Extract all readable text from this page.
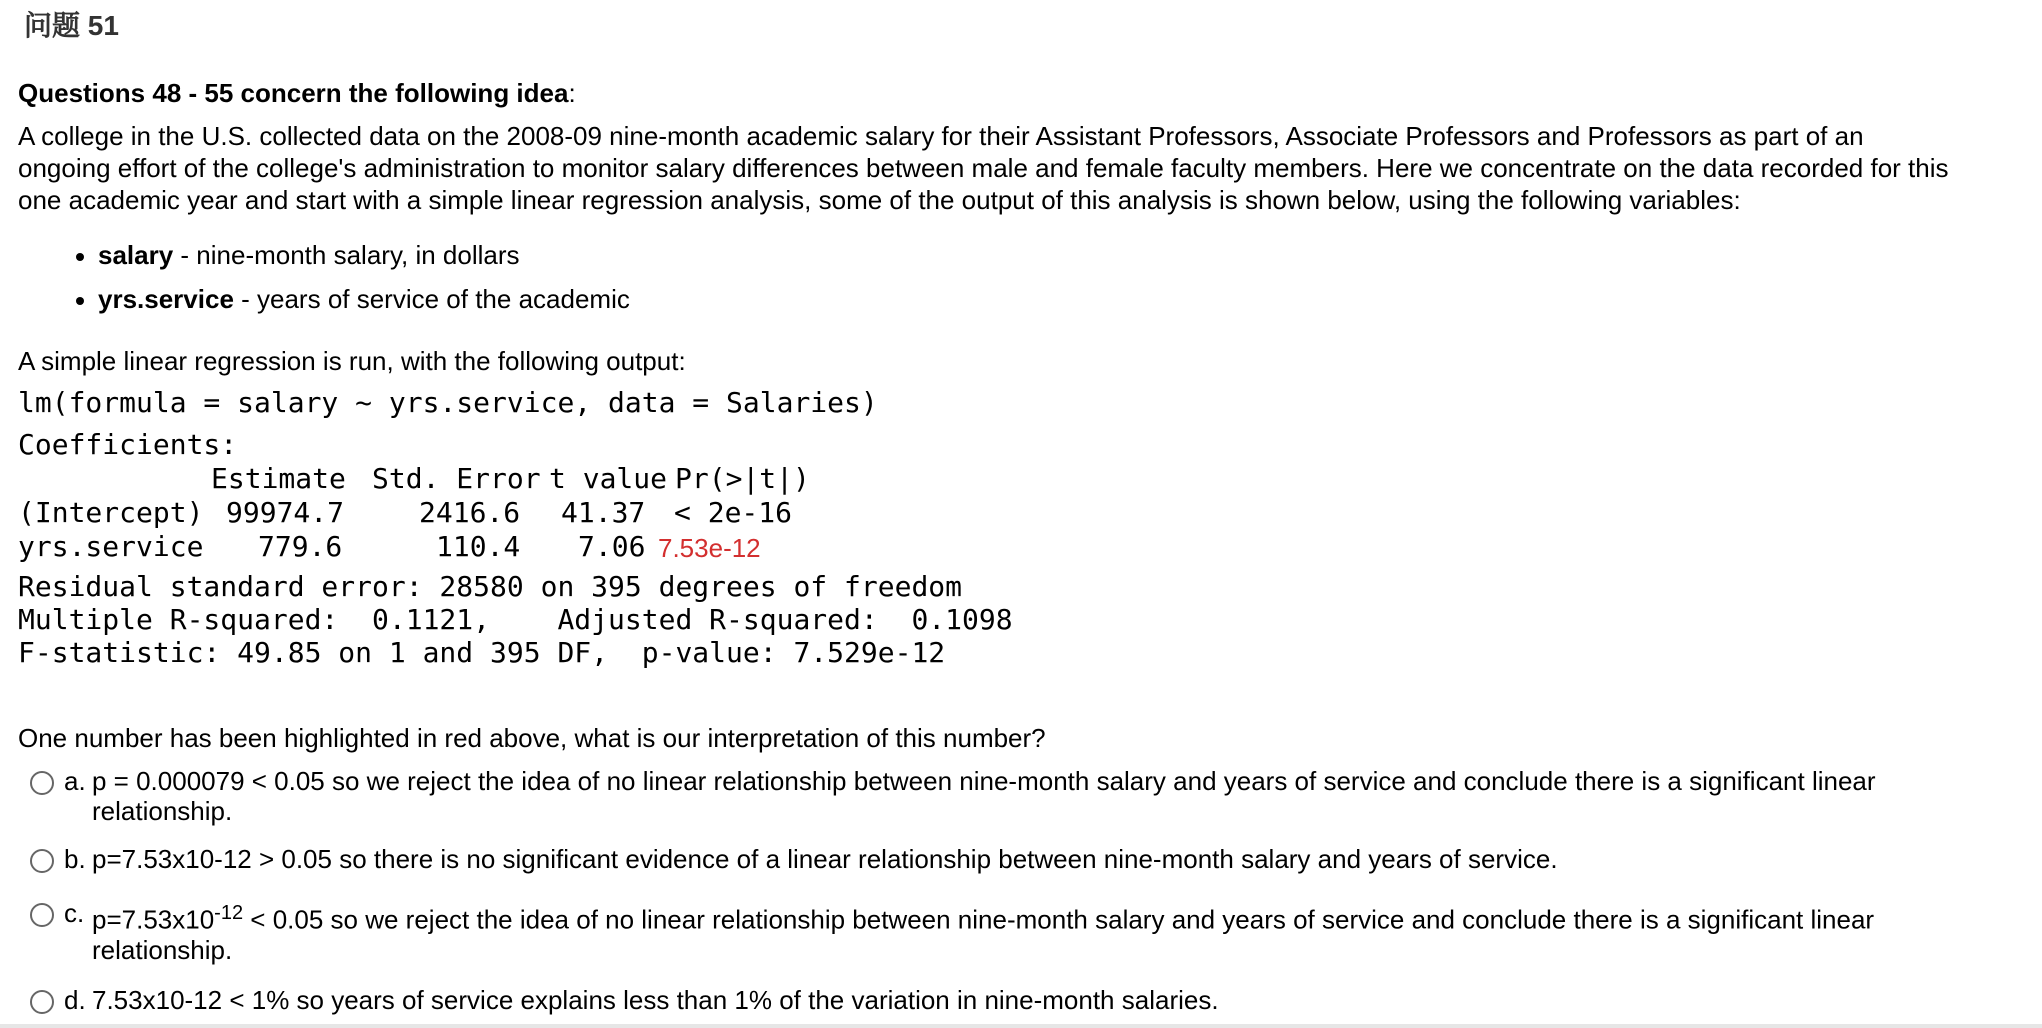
问题 51
Questions 48 - 55 concern the following idea:
A college in the U.S. collected data on the 2008-09 nine-month academic salary for their Assistant Professors, Associate Professors and Professors as part of an ongoing effort of the college's administration to monitor salary differences between male and female faculty members. Here we concentrate on the data recorded for this one academic year and start with a simple linear regression analysis, some of the output of this analysis is shown below, using the following variables:
salary - nine-month salary, in dollars
yrs.service - years of service of the academic
A simple linear regression is run, with the following output:
lm(formula = salary ~ yrs.service, data = Salaries)
Coefficients:

Estimate

Std. Error

t value

Pr(>|t|)

(Intercept)

99974.7

	2416.6

41.37

< 2e-16

yrs.service

779.6

	110.4

7.06

7.53e-12

Residual standard error: 28580 on 395 degrees of freedom
Multiple R-squared:  0.1121,    Adjusted R-squared:  0.1098
F-statistic: 49.85 on 1 and 395 DF,  p-value: 7.529e-12
One number has been highlighted in red above, what is our interpretation of this number?
a. p = 0.000079 < 0.05 so we reject the idea of no linear relationship between nine-month salary and years of service and conclude there is a significant linear relationship.
b. p=7.53x10-12 > 0.05 so there is no significant evidence of a linear relationship between nine-month salary and years of service.
c. $p=7.53x10^{-12} < 0.05$ so we reject the idea of no linear relationship between nine-month salary and years of service and conclude there is a significant linear relationship.
d. 7.53x10-12 < 1% so years of service explains less than 1% of the variation in nine-month salaries.
